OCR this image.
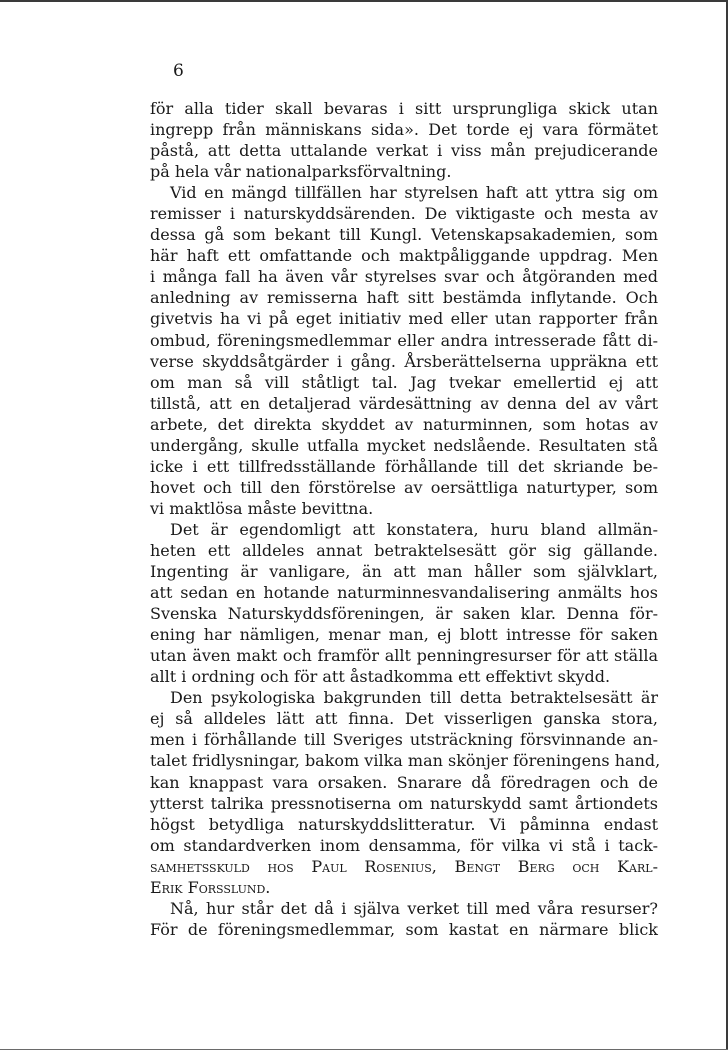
6
för alla tider skall bevaras i sitt ursprungliga skick utan
ingrepp från människans sida». Det torde ej vara förmätet
påstå, att detta uttalande verkat i viss mån prejudicerande
på hela vår nationalparksförvaltning.
Vid en mängd tillfällen har styrelsen haft att yttra sig om
remisser i naturskyddsärenden. De viktigaste och mesta av
dessa gå som bekant till Kungl. Vetenskapsakademien, som
här haft ett omfattande och maktpåliggande uppdrag. Men
i många fall ha även vår styrelses svar och åtgöranden med
anledning av remisserna haft sitt bestämda inflytande. Och
givetvis ha vi på eget initiativ med eller utan rapporter från
ombud, föreningsmedlemmar eller andra intresserade fått di-
verse skyddsåtgärder i gång. Årsberättelserna uppräkna ett
om man så vill ståtligt tal. Jag tvekar emellertid ej att
tillstå, att en detaljerad värdesättning av denna del av vårt
arbete, det direkta skyddet av naturminnen, som hotas av
undergång, skulle utfalla mycket nedslående. Resultaten stå
icke i ett tillfredsställande förhållande till det skriande be-
hovet och till den förstörelse av oersättliga naturtyper, som
vi maktlösa måste bevittna.
Det är egendomligt att konstatera, huru bland allmän-
heten ett alldeles annat betraktelsesätt gör sig gällande.
Ingenting är vanligare, än att man håller som självklart,
att sedan en hotande naturminnesvandalisering anmälts hos
Svenska Naturskyddsföreningen, är saken klar. Denna för-
ening har nämligen, menar man, ej blott intresse för saken
utan även makt och framför allt penningresurser för att ställa
allt i ordning och för att åstadkomma ett effektivt skydd.
Den psykologiska bakgrunden till detta betraktelsesätt är
ej så alldeles lätt att finna. Det visserligen ganska stora,
men i förhållande till Sveriges utsträckning försvinnande an-
talet fridlysningar, bakom vilka man skönjer föreningens hand,
kan knappast vara orsaken. Snarare då föredragen och de
ytterst talrika pressnotiserna om naturskydd samt årtiondets
högst betydliga naturskyddslitteratur. Vi påminna endast
om standardverken inom densamma, för vilka vi stå i tack-
samhetsskuld hos Paul Rosenius, Bengt Berg och Karl-
Erik Forsslund.
Nå, hur står det då i själva verket till med våra resurser?
För de föreningsmedlemmar, som kastat en närmare blick
